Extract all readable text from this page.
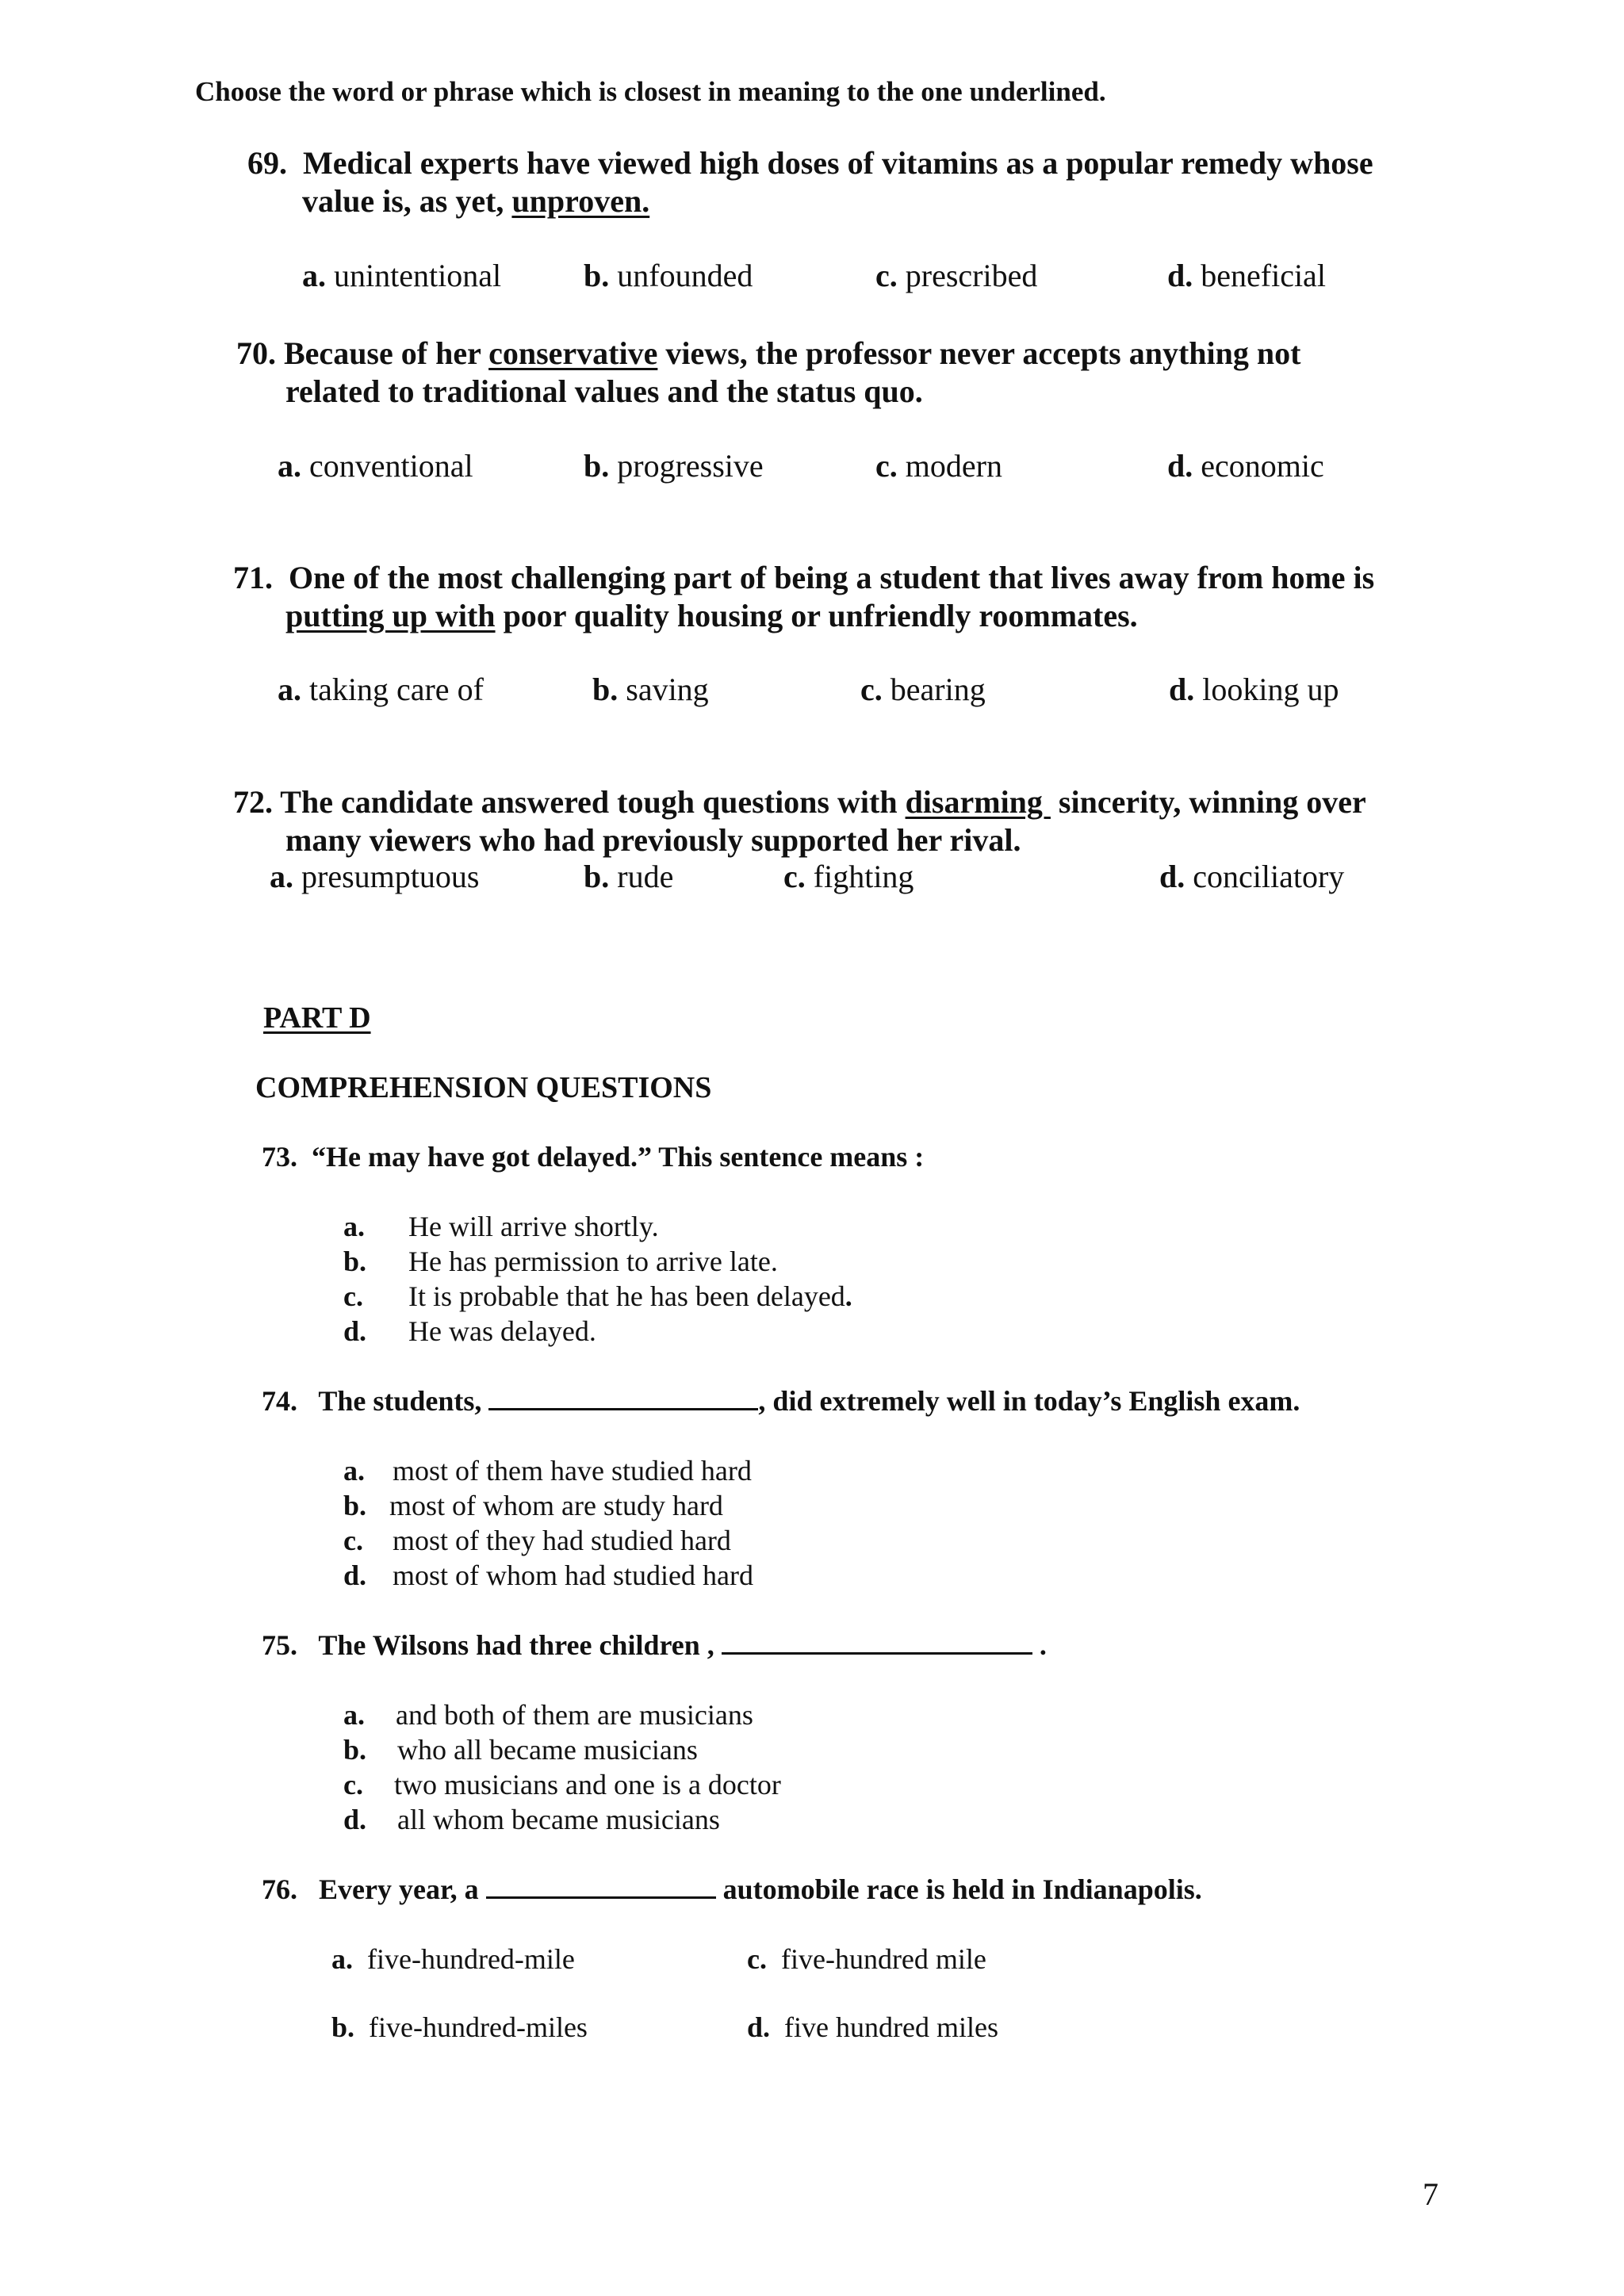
Choose the word or phrase which is closest in meaning to the one underlined.
69. Medical experts have viewed high doses of vitamins as a popular remedy whose
value is, as yet, unproven.
a. unintentional	b. unfounded	c. prescribed	d. beneficial
70. Because of her conservative views, the professor never accepts anything not
related to traditional values and the status quo.
a. conventional	b. progressive	c. modern	d. economic
71. One of the most challenging part of being a student that lives away from home is
putting up with poor quality housing or unfriendly roommates.
a. taking care of	b. saving	c. bearing	d. looking up
72. The candidate answered tough questions with disarming  sincerity, winning over
many viewers who had previously supported her rival.
a. presumptuous	b. rude	c. fighting	d. conciliatory
PART D
COMPREHENSION QUESTIONS
73. “He may have got delayed.” This sentence means :
a. He will arrive shortly.
b. He has permission to arrive late.
c. It is probable that he has been delayed.
d. He was delayed.
74. The students,	, did extremely well in today’s English exam.
a. most of them have studied hard
b. most of whom are study hard
c. most of they had studied hard
d. most of whom had studied hard
75. The Wilsons had three children ,	.
a. and both of them are musicians
b. who all became musicians
c. two musicians and one is a doctor
d. all whom became musicians
76. Every year, a	automobile race is held in Indianapolis.
a. five-hundred-mile	c. five-hundred mile
b. five-hundred-miles	d. five hundred miles
7
